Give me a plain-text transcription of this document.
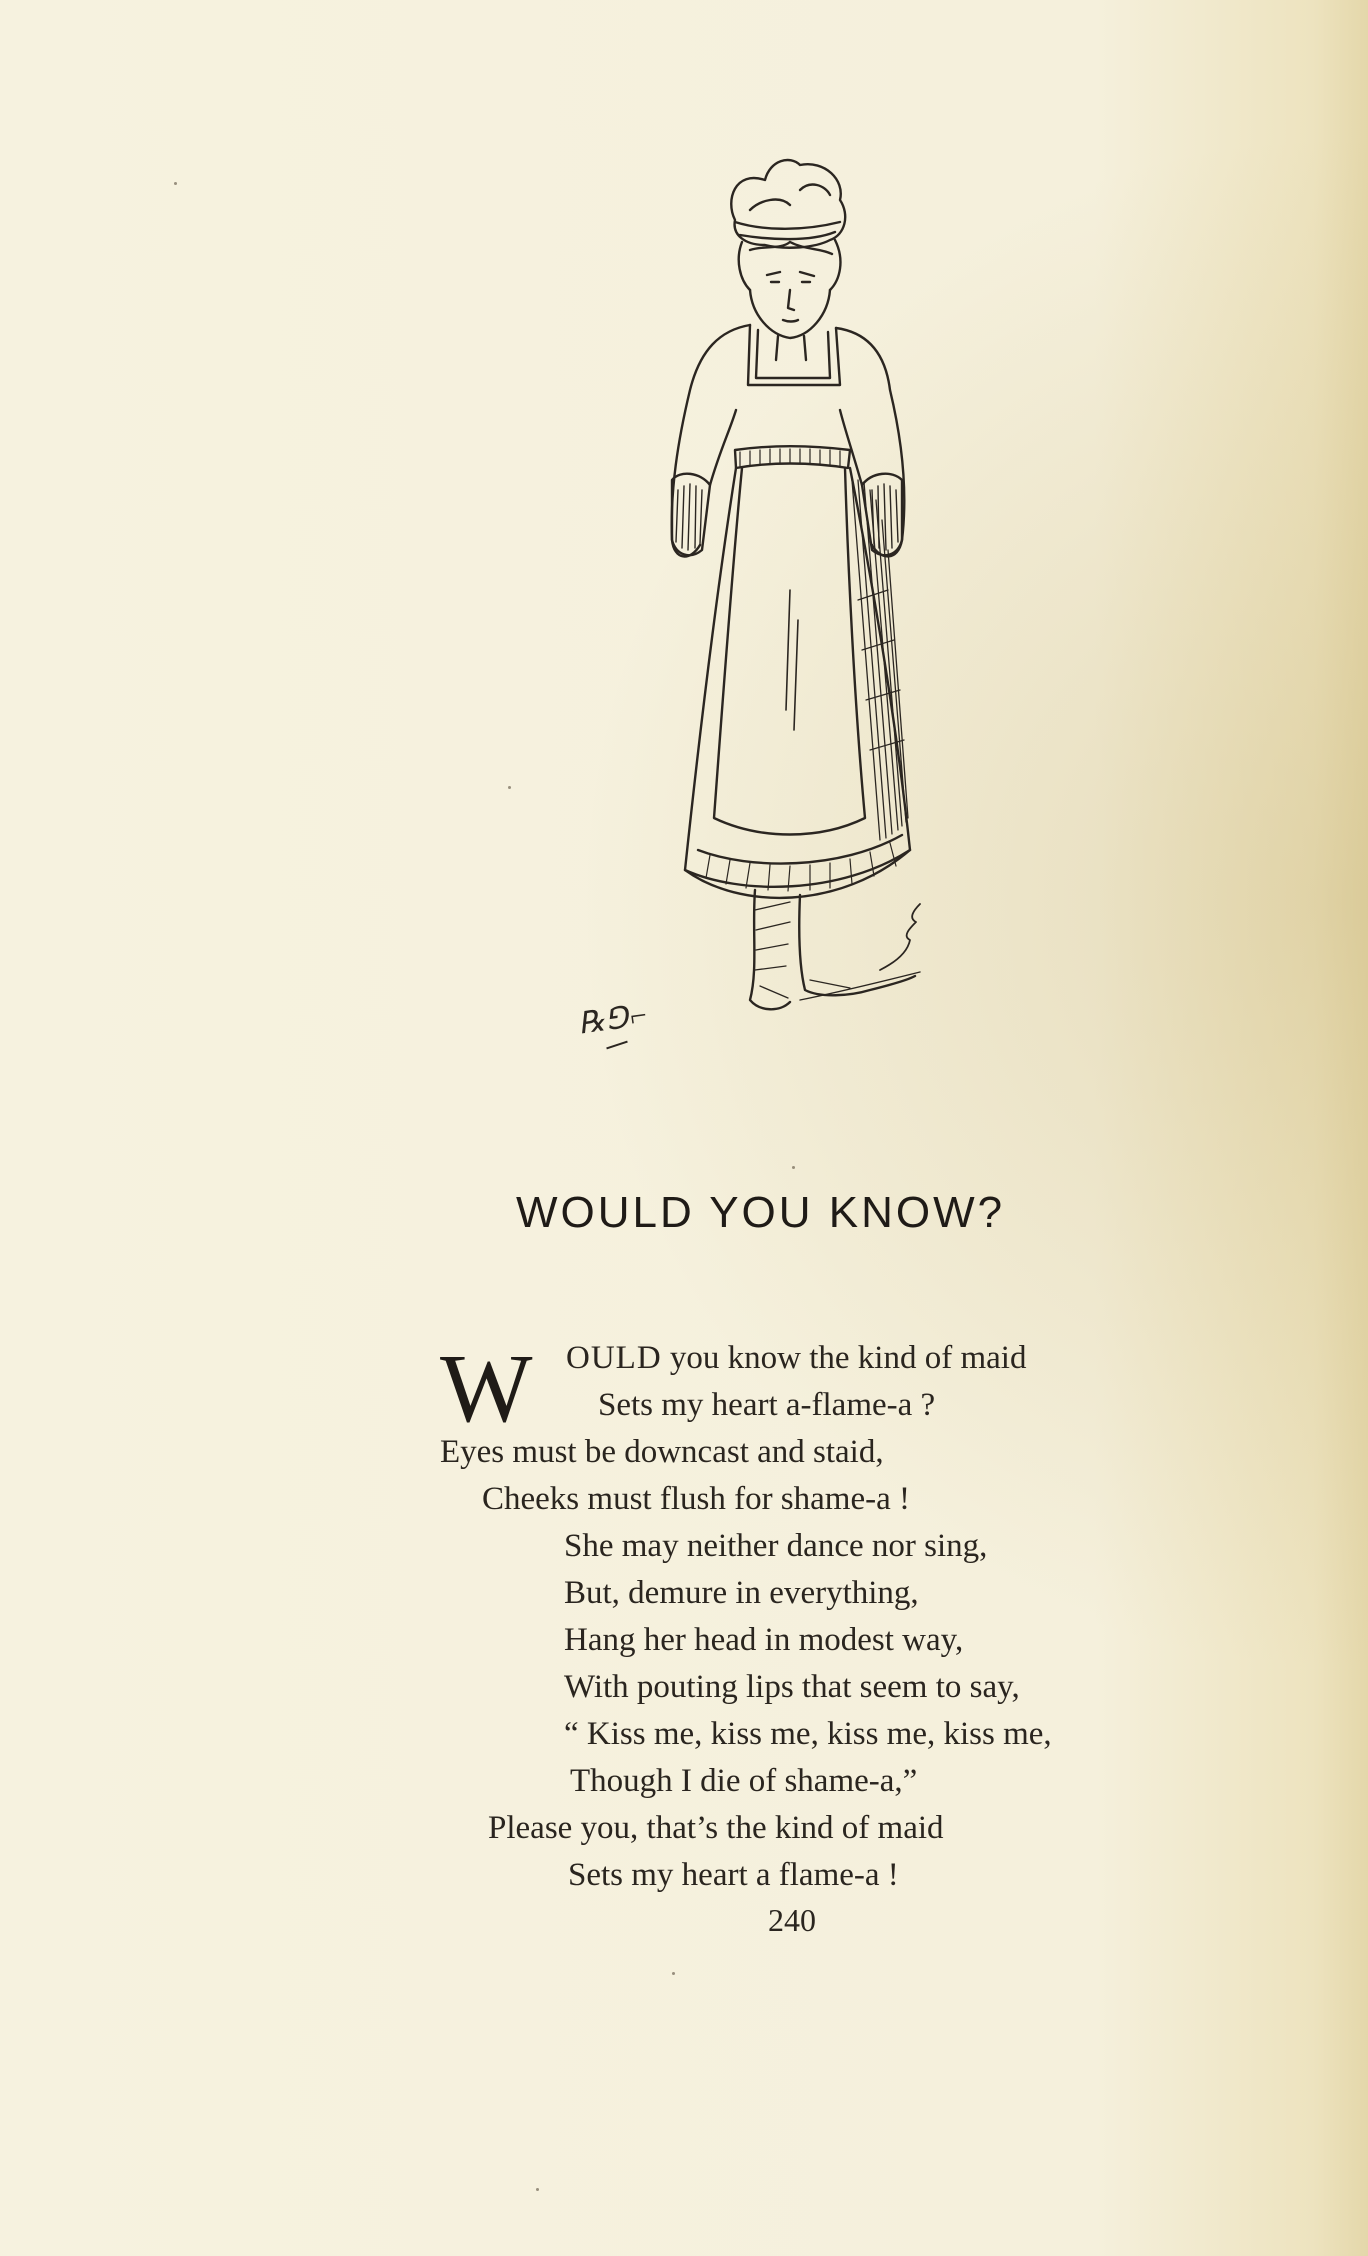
℞⅁⌐
WOULD YOU KNOW?
W OULD you know the kind of maid
Sets my heart a-flame-a ?
Eyes must be downcast and staid,
Cheeks must flush for shame-a !
She may neither dance nor sing,
But, demure in everything,
Hang her head in modest way,
With pouting lips that seem to say,
“ Kiss me, kiss me, kiss me, kiss me,
Though I die of shame-a,”
Please you, that’s the kind of maid
Sets my heart a flame-a !
240
